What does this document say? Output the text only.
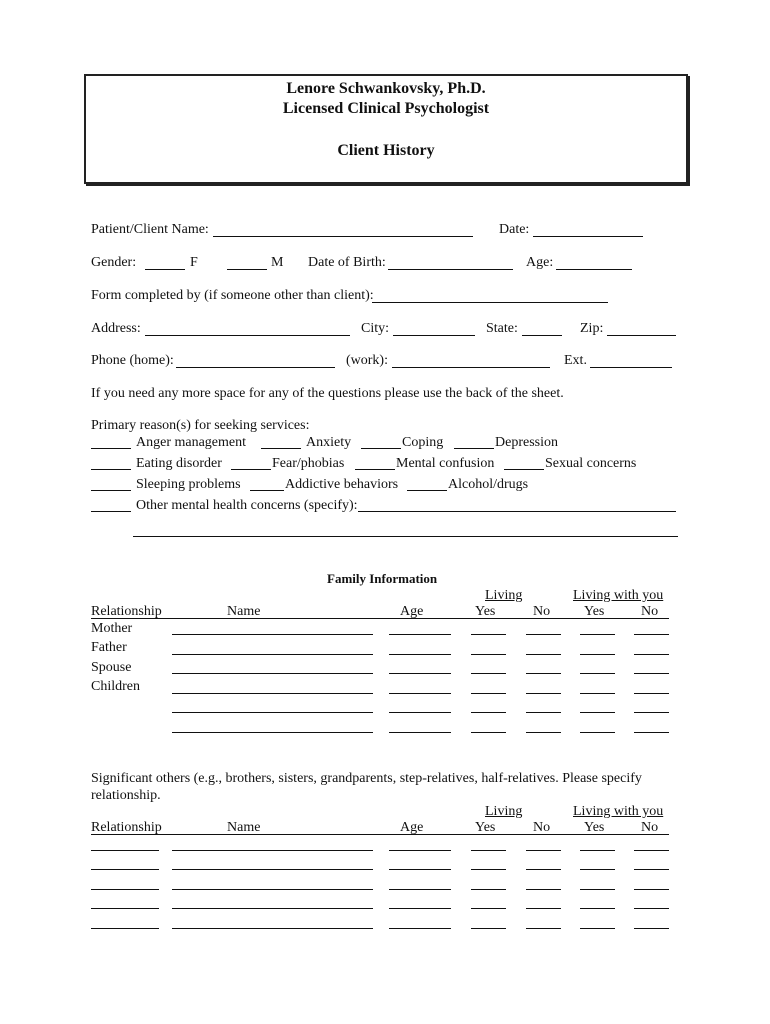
Lenore Schwankovsky, Ph.D.
Licensed Clinical Psychologist
Client History
Patient/Client Name:	Date:
Gender:	F	M Date of Birth:	Age:
Form completed by (if someone other than client):
Address:	City:	State:	Zip:
Phone (home):	(work):	Ext.
If you need any more space for any of the questions please use the back of the sheet.
Primary reason(s) for seeking services:
Anger management	Anxiety	Coping	Depression
Eating disorder	Fear/phobias	Mental confusion	Sexual concerns
Sleeping problems	Addictive behaviors	Alcohol/drugs
Other mental health concerns (specify):
Family Information
Living	Living with you
Relationship	Name	Age	Yes	No Yes	No
Mother
Father
Spouse
Children
Significant others (e.g., brothers, sisters, grandparents, step-relatives, half-relatives. Please specify
relationship.
Living	Living with you
Relationship	Name	Age	Yes	No Yes	No
